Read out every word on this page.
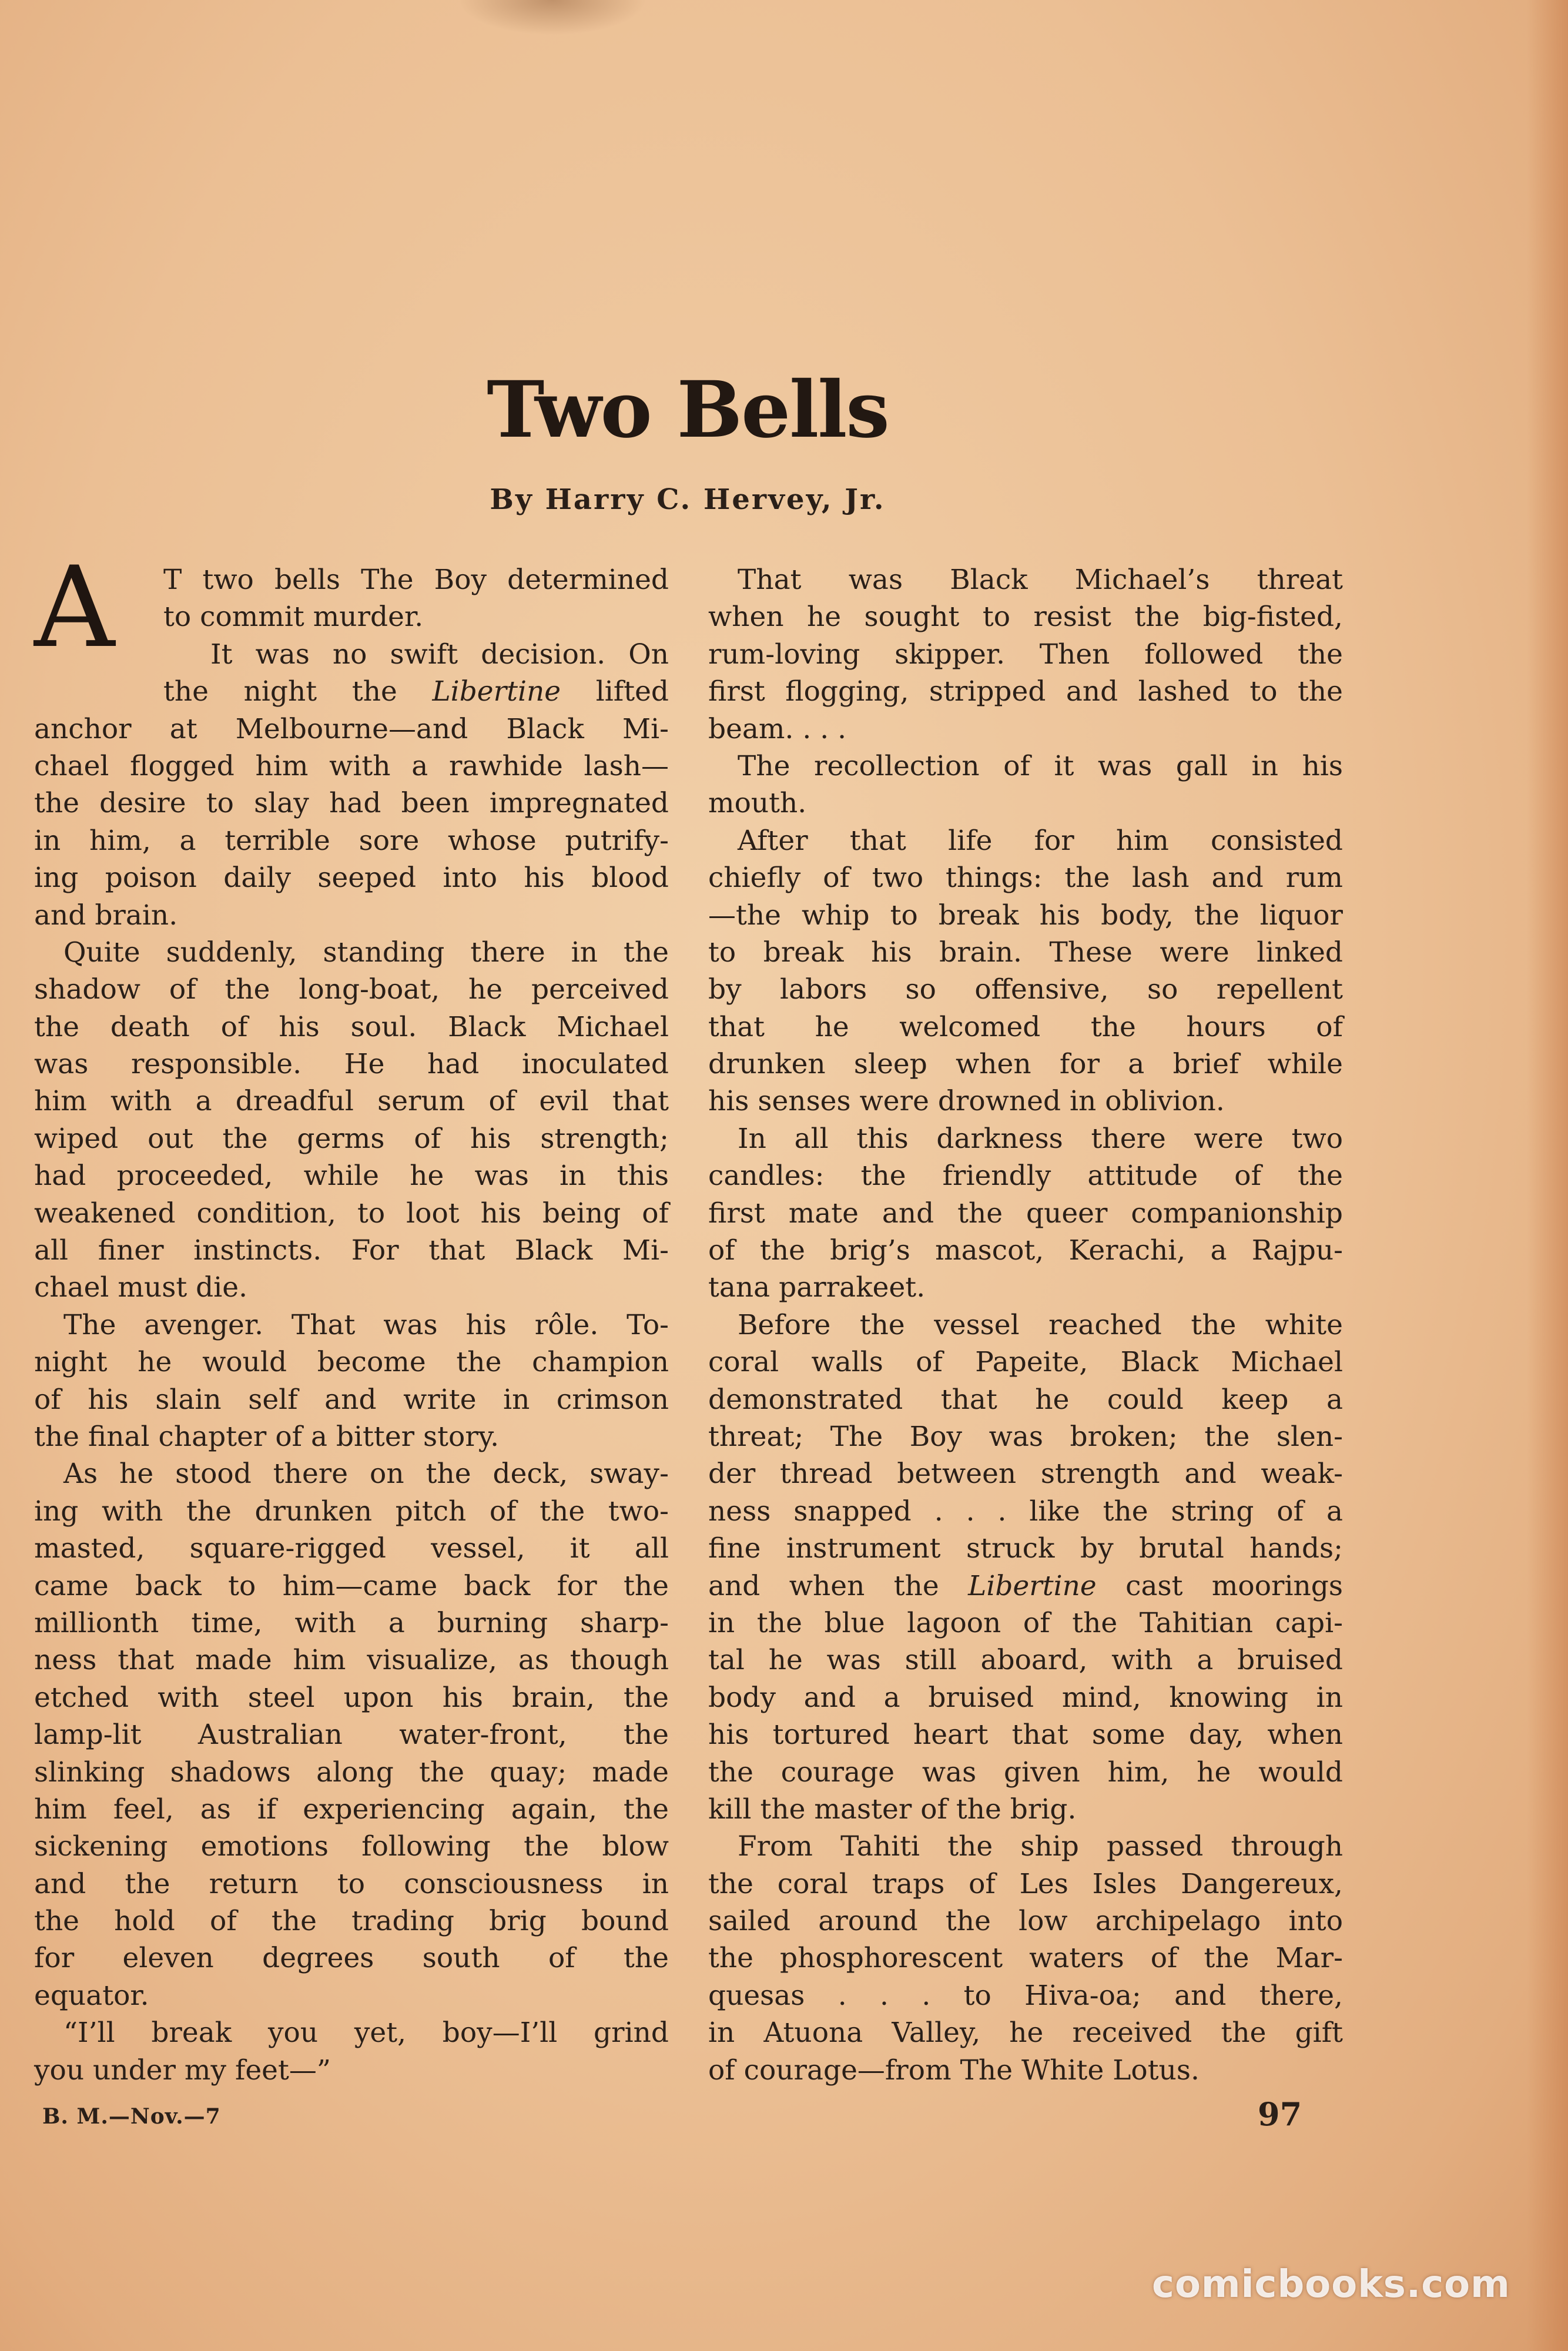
Two Bells
By Harry C. Hervey, Jr.
A	T two bells The Boy determined
to commit murder.
It was no swift decision. On
the night the Libertine lifted
anchor at Melbourne—and Black Mi-
chael flogged him with a rawhide lash—
the desire to slay had been impregnated
in him, a terrible sore whose putrify-
ing poison daily seeped into his blood
and brain.
Quite suddenly, standing there in the
shadow of the long-boat, he perceived
the death of his soul. Black Michael
was responsible. He had inoculated
him with a dreadful serum of evil that
wiped out the germs of his strength;
had proceeded, while he was in this
weakened condition, to loot his being of
all finer instincts. For that Black Mi-
chael must die.
The avenger. That was his rôle. To-
night he would become the champion
of his slain self and write in crimson
the final chapter of a bitter story.
As he stood there on the deck, sway-
ing with the drunken pitch of the two-
masted, square-rigged vessel, it all
came back to him—came back for the
millionth time, with a burning sharp-
ness that made him visualize, as though
etched with steel upon his brain, the
lamp-lit Australian water-front, the
slinking shadows along the quay; made
him feel, as if experiencing again, the
sickening emotions following the blow
and the return to consciousness in
the hold of the trading brig bound
for eleven degrees south of the
equator.
“I’ll break you yet, boy—I’ll grind
you under my feet—”
That was Black Michael’s threat
when he sought to resist the big-fisted,
rum-loving skipper. Then followed the
first flogging, stripped and lashed to the
beam. . . .
The recollection of it was gall in his
mouth.
After that life for him consisted
chiefly of two things: the lash and rum
—the whip to break his body, the liquor
to break his brain. These were linked
by labors so offensive, so repellent
that he welcomed the hours of
drunken sleep when for a brief while
his senses were drowned in oblivion.
In all this darkness there were two
candles: the friendly attitude of the
first mate and the queer companionship
of the brig’s mascot, Kerachi, a Rajpu-
tana parrakeet.
Before the vessel reached the white
coral walls of Papeite, Black Michael
demonstrated that he could keep a
threat; The Boy was broken; the slen-
der thread between strength and weak-
ness snapped . . . like the string of a
fine instrument struck by brutal hands;
and when the Libertine cast moorings
in the blue lagoon of the Tahitian capi-
tal he was still aboard, with a bruised
body and a bruised mind, knowing in
his tortured heart that some day, when
the courage was given him, he would
kill the master of the brig.
From Tahiti the ship passed through
the coral traps of Les Isles Dangereux,
sailed around the low archipelago into
the phosphorescent waters of the Mar-
quesas . . . to Hiva-oa; and there,
in Atuona Valley, he received the gift
of courage—from The White Lotus.
B. M.—Nov.—7	97
comicbooks.com
